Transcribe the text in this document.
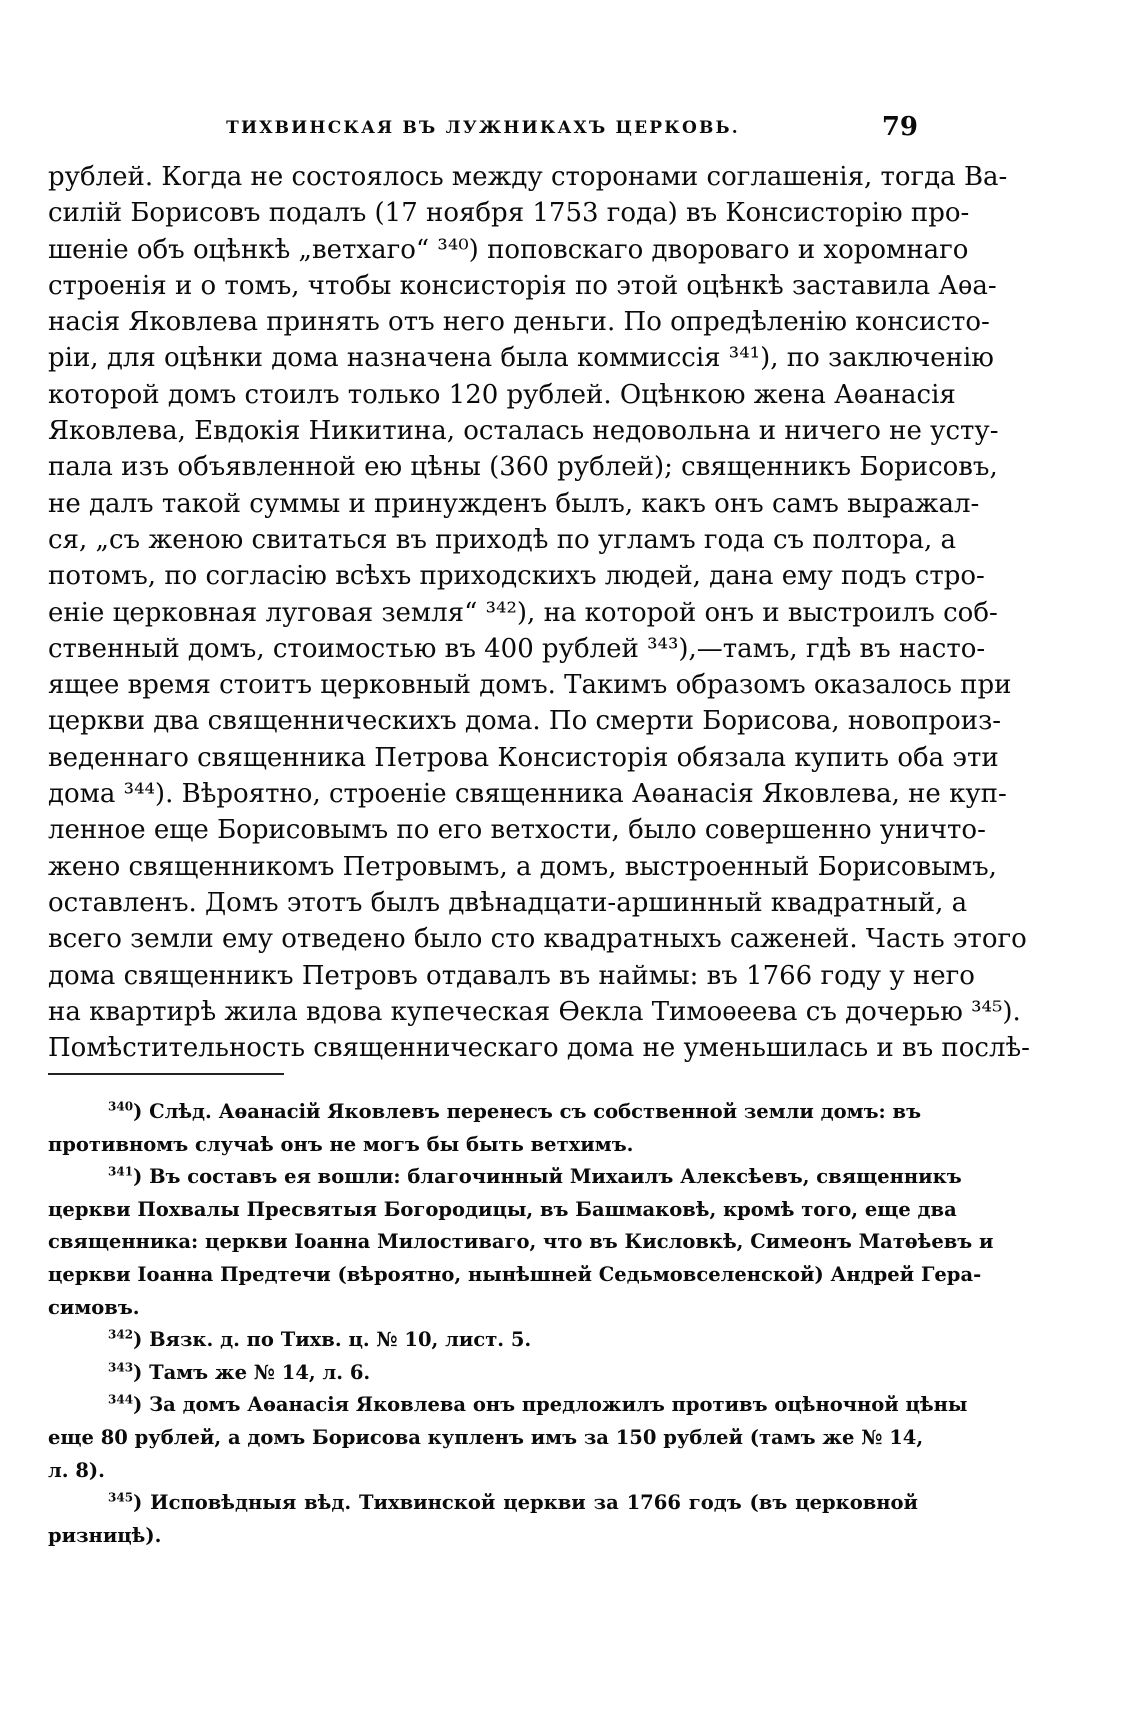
ТИХВИНСКАЯ ВЪ ЛУЖНИКАХЪ ЦЕРКОВЬ.	79
рублей. Когда не состоялось между сторонами соглашенія, тогда Ва-
силій Борисовъ подалъ (17 ноября 1753 года) въ Консисторію про-
шеніе объ оцѣнкѣ „ветхаго“ ³⁴⁰) поповскаго двороваго и хоромнаго
строенія и о томъ, чтобы консисторія по этой оцѣнкѣ заставила Аѳа-
насія Яковлева принять отъ него деньги. По опредѣленію консисто-
ріи, для оцѣнки дома назначена была коммиссія ³⁴¹), по заключенію
которой домъ стоилъ только 120 рублей. Оцѣнкою жена Аѳанасія
Яковлева, Евдокія Никитина, осталась недовольна и ничего не усту-
пала изъ объявленной ею цѣны (360 рублей); священникъ Борисовъ,
не далъ такой суммы и принужденъ былъ, какъ онъ самъ выражал-
ся, „съ женою свитаться въ приходѣ по угламъ года съ полтора, а
потомъ, по согласію всѣхъ приходскихъ людей, дана ему подъ стро-
еніе церковная луговая земля“ ³⁴²), на которой онъ и выстроилъ соб-
ственный домъ, стоимостью въ 400 рублей ³⁴³),—тамъ, гдѣ въ насто-
ящее время стоитъ церковный домъ. Такимъ образомъ оказалось при
церкви два священническихъ дома. По смерти Борисова, новопроиз-
веденнаго священника Петрова Консисторія обязала купить оба эти
дома ³⁴⁴). Вѣроятно, строеніе священника Аѳанасія Яковлева, не куп-
ленное еще Борисовымъ по его ветхости, было совершенно уничто-
жено священникомъ Петровымъ, а домъ, выстроенный Борисовымъ,
оставленъ. Домъ этотъ былъ двѣнадцати-аршинный квадратный, а
всего земли ему отведено было сто квадратныхъ саженей. Часть этого
дома священникъ Петровъ отдавалъ въ наймы: въ 1766 году у него
на квартирѣ жила вдова купеческая Ѳекла Тимоѳеева съ дочерью ³⁴⁵).
Помѣстительность священническаго дома не уменьшилась и въ послѣ-
$^{340}$) Слѣд. Аѳанасій Яковлевъ перенесъ съ собственной земли домъ: въ
противномъ случаѣ онъ не могъ бы быть ветхимъ.
$^{341}$) Въ составъ ея вошли: благочинный Михаилъ Алексѣевъ, священникъ
церкви Похвалы Пресвятыя Богородицы, въ Башмаковѣ, кромѣ того, еще два
священника: церкви Іоанна Милостиваго, что въ Кисловкѣ, Симеонъ Матѳѣевъ и
церкви Іоанна Предтечи (вѣроятно, нынѣшней Седьмовселенской) Андрей Гера-
симовъ.
$^{342}$) Вязк. д. по Тихв. ц. № 10, лист. 5.
$^{343}$) Тамъ же № 14, л. 6.
$^{344}$) За домъ Аѳанасія Яковлева онъ предложилъ противъ оцѣночной цѣны
еще 80 рублей, а домъ Борисова купленъ имъ за 150 рублей (тамъ же № 14,
л. 8).
$^{345}$) Исповѣдныя вѣд. Тихвинской церкви за 1766 годъ (въ церковной
ризницѣ).
